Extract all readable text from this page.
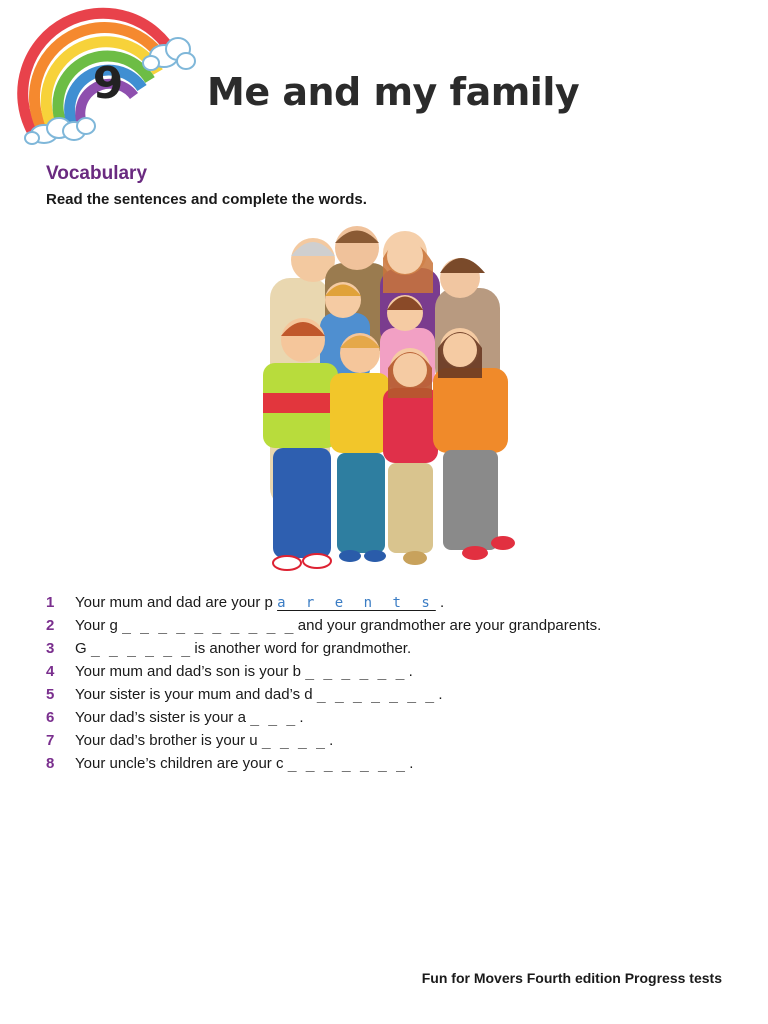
9 Me and my family
Vocabulary

Read the sentences and complete the words.

1 Your mum and dad are your p a r e n t s .
2 Your g _ _ _ _ _ _ _ _ _ _ and your grandmother are your grandparents.
3 G _ _ _ _ _ _ is another word for grandmother.
4 Your mum and dad’s son is your b _ _ _ _ _ _ .
5 Your sister is your mum and dad’s d _ _ _ _ _ _ _ .
6 Your dad’s sister is your a _ _ _ .
7 Your dad’s brother is your u _ _ _ _ .
8 Your uncle’s children are your c _ _ _ _ _ _ _ .

Fun for Movers Fourth edition Progress tests
